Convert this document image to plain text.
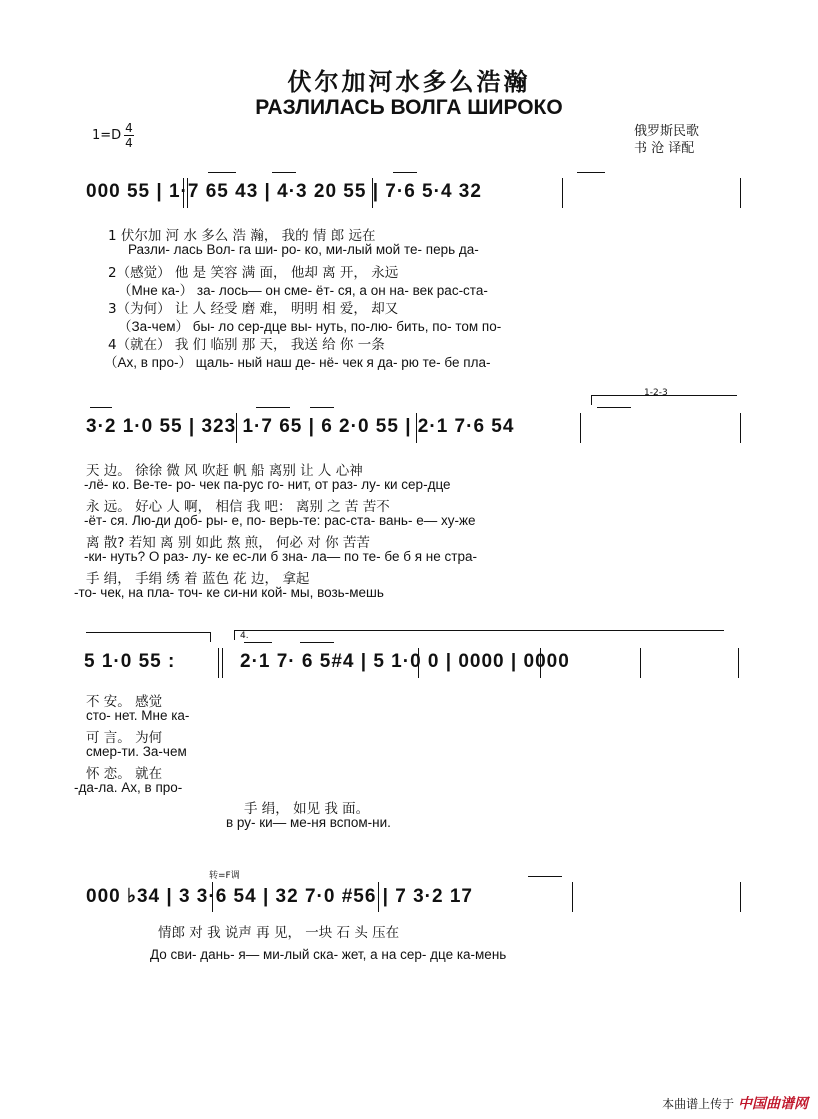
伏尔加河水多么浩瀚
РАЗЛИЛАСЬ ВОЛГА ШИРОКО
1=D 4
4
俄罗斯民歌
书 沧 译配
000 55 | 1·7 65 43 | 4·3 20 55 | 7·6 5·4 32
1 伏尔加 河 水 多么 浩 瀚， 我的 情 郎 远在
Разли- лась Вол- га ши- ро- ко, ми-лый мой те- перь да-
2（感觉） 他 是 笑容 满 面， 他却 离 开， 永远
（Мне ка-） за- лось— он сме- ёт- ся, а он на- век рас-ста-
3（为何） 让 人 经受 磨 难， 明明 相 爱， 却又
（За-чем） бы- ло сер-дце вы- нуть, по-лю- бить, по- том по-
4（就在） 我 们 临别 那 天， 我送 给 你 一条
（Ах, в про-） щаль- ный наш де- нё- чек я да- рю те- бе пла-
1-2-3
3·2 1·0 55 | 323 1·7 65 | 6 2·0 55 | 2·1 7·6 54
天 边。 徐徐 微 风 吹赶 帆 船 离别 让 人 心神
-лё- ко. Ве-те- ро- чек па-рус го- нит, от раз- лу- ки сер-дце
永 远。 好心 人 啊， 相信 我 吧： 离别 之 苦 苦不
-ёт- ся. Лю-ди доб- ры- е, по- верь-те: рас-ста- вань- е— ху-же
离 散? 若知 离 别 如此 熬 煎， 何必 对 你 苦苦
-ки- нуть? О раз- лу- ке ес-ли б зна- ла— по те- бе б я не стра-
手 绢， 手绢 绣 着 蓝色 花 边， 拿起
-то- чек, на пла- точ- ке си-ни кой- мы, возь-мешь
4.
5 1·0 55 :	2·1 7· 6 5#4 | 5 1·0 0 | 0000 | 0000
不 安。 感觉
сто- нет. Мне ка-
可 言。 为何
смер-ти. За-чем
怀 恋。 就在
-да-ла. Ах, в про-
手 绢， 如见 我 面。
в ру- ки— ме-ня вспом-ни.
转=F调
000 ♭34 | 3 3·6 54 | 32 7·0 #56 | 7 3·2 17
情郎 对 我 说声 再 见， 一块 石 头 压在
До сви- дань- я— ми-лый ска- жет, а на сер- дце ка-мень
本曲谱上传于 中国曲谱网
